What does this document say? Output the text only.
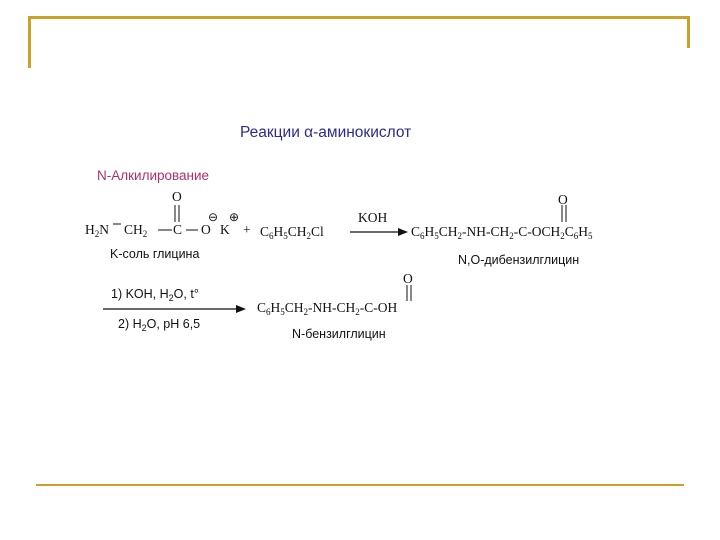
Реакции α-аминокислот
N-Алкилирование
O
$H_2N$ $CH_2$ C O
⊖
K
⊕
+ $C_6H_5CH_2Cl$
K-соль глицина
KOH
O
$C_6H_5CH_2-NH-CH_2-C-OCH_2C_6H_5$
N,O-дибензилглицин
1) KOH, $H_2O$, t°
2) $H_2O$, pH 6,5
O
$C_6H_5CH_2-NH-CH_2-C-OH$
N-бензилглицин
